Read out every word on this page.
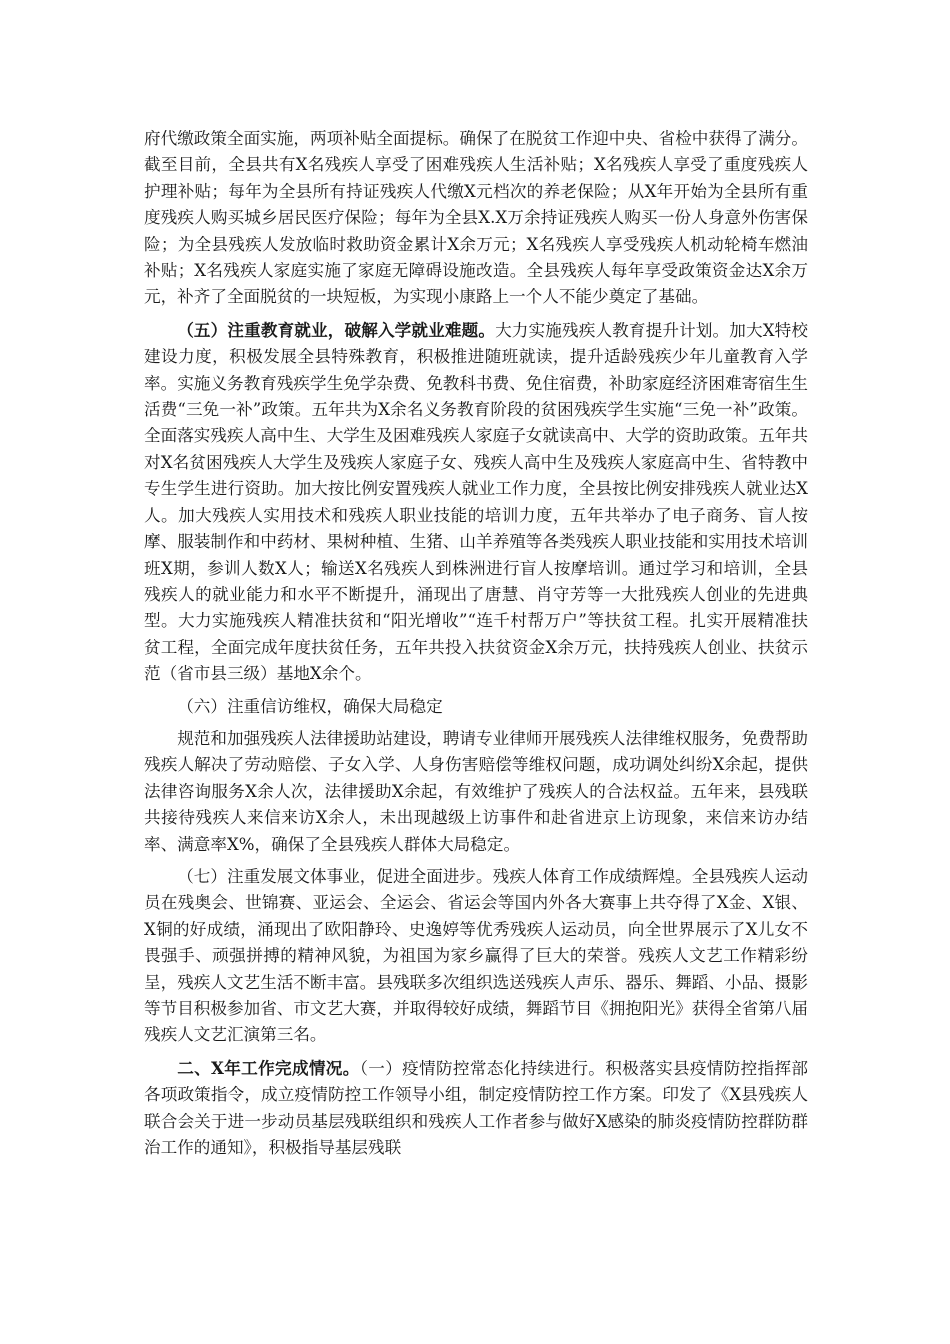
府代缴政策全面实施，两项补贴全面提标。确保了在脱贫工作迎中央、省检中获得了满分。截至目前，全县共有X名残疾人享受了困难残疾人生活补贴；X名残疾人享受了重度残疾人护理补贴；每年为全县所有持证残疾人代缴X元档次的养老保险；从X年开始为全县所有重度残疾人购买城乡居民医疗保险；每年为全县X.X万余持证残疾人购买一份人身意外伤害保险；为全县残疾人发放临时救助资金累计X余万元；X名残疾人享受残疾人机动轮椅车燃油补贴；X名残疾人家庭实施了家庭无障碍设施改造。全县残疾人每年享受政策资金达X余万元，补齐了全面脱贫的一块短板，为实现小康路上一个人不能少奠定了基础。

（五）注重教育就业，破解入学就业难题。大力实施残疾人教育提升计划。加大X特校建设力度，积极发展全县特殊教育，积极推进随班就读，提升适龄残疾少年儿童教育入学率。实施义务教育残疾学生免学杂费、免教科书费、免住宿费，补助家庭经济困难寄宿生生活费“三免一补”政策。五年共为X余名义务教育阶段的贫困残疾学生实施“三免一补”政策。全面落实残疾人高中生、大学生及困难残疾人家庭子女就读高中、大学的资助政策。五年共对X名贫困残疾人大学生及残疾人家庭子女、残疾人高中生及残疾人家庭高中生、省特教中专生学生进行资助。加大按比例安置残疾人就业工作力度，全县按比例安排残疾人就业达X人。加大残疾人实用技术和残疾人职业技能的培训力度，五年共举办了电子商务、盲人按摩、服装制作和中药材、果树种植、生猪、山羊养殖等各类残疾人职业技能和实用技术培训班X期，参训人数X人；输送X名残疾人到株洲进行盲人按摩培训。通过学习和培训，全县残疾人的就业能力和水平不断提升，涌现出了唐慧、肖守芳等一大批残疾人创业的先进典型。大力实施残疾人精准扶贫和“阳光增收”“连千村帮万户”等扶贫工程。扎实开展精准扶贫工程，全面完成年度扶贫任务，五年共投入扶贫资金X余万元，扶持残疾人创业、扶贫示范（省市县三级）基地X余个。

（六）注重信访维权，确保大局稳定

规范和加强残疾人法律援助站建设，聘请专业律师开展残疾人法律维权服务，免费帮助残疾人解决了劳动赔偿、子女入学、人身伤害赔偿等维权问题，成功调处纠纷X余起，提供法律咨询服务X余人次，法律援助X余起，有效维护了残疾人的合法权益。五年来，县残联共接待残疾人来信来访X余人，未出现越级上访事件和赴省进京上访现象，来信来访办结率、满意率X%，确保了全县残疾人群体大局稳定。

（七）注重发展文体事业，促进全面进步。残疾人体育工作成绩辉煌。全县残疾人运动员在残奥会、世锦赛、亚运会、全运会、省运会等国内外各大赛事上共夺得了X金、X银、X铜的好成绩，涌现出了欧阳静玲、史逸婷等优秀残疾人运动员，向全世界展示了X儿女不畏强手、顽强拼搏的精神风貌，为祖国为家乡赢得了巨大的荣誉。残疾人文艺工作精彩纷呈，残疾人文艺生活不断丰富。县残联多次组织选送残疾人声乐、器乐、舞蹈、小品、摄影等节目积极参加省、市文艺大赛，并取得较好成绩，舞蹈节目《拥抱阳光》获得全省第八届残疾人文艺汇演第三名。

二、X年工作完成情况。（一）疫情防控常态化持续进行。积极落实县疫情防控指挥部各项政策指令，成立疫情防控工作领导小组，制定疫情防控工作方案。印发了《X县残疾人联合会关于进一步动员基层残联组织和残疾人工作者参与做好X感染的肺炎疫情防控群防群治工作的通知》，积极指导基层残联
